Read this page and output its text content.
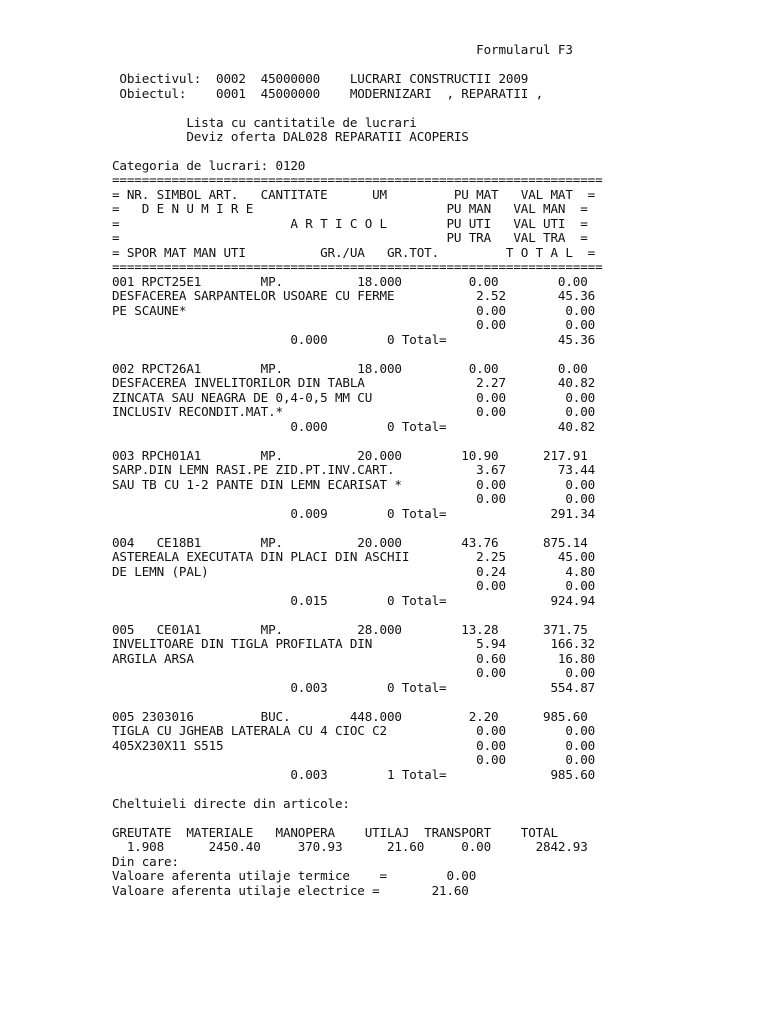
Formularul F3
Obiectivul:  0002  45000000    LUCRARI CONSTRUCTII 2009
Obiectul:    0001  45000000    MODERNIZARI  , REPARATII ,
Lista cu cantitatile de lucrari
Deviz oferta DAL028 REPARATII ACOPERIS
Categoria de lucrari: 0120
==================================================================
= NR. SIMBOL ART.   CANTITATE      UM         PU MAT   VAL MAT  =
=   D E N U M I R E                          PU MAN   VAL MAN  =
=                       A R T I C O L        PU UTI   VAL UTI  =
=                                            PU TRA   VAL TRA  =
= SPOR MAT MAN UTI          GR./UA   GR.TOT.         T O T A L  =
==================================================================
001 RPCT25E1        MP.          18.000         0.00        0.00
DESFACEREA SARPANTELOR USOARE CU FERME           2.52       45.36
PE SCAUNE*                                       0.00        0.00
0.00        0.00
0.000        0 Total=               45.36
002 RPCT26A1        MP.          18.000         0.00        0.00
DESFACEREA INVELITORILOR DIN TABLA               2.27       40.82
ZINCATA SAU NEAGRA DE 0,4-0,5 MM CU              0.00        0.00
INCLUSIV RECONDIT.MAT.*                          0.00        0.00
0.000        0 Total=               40.82
003 RPCH01A1        MP.          20.000        10.90      217.91
SARP.DIN LEMN RASI.PE ZID.PT.INV.CART.           3.67       73.44
SAU TB CU 1-2 PANTE DIN LEMN ECARISAT *          0.00        0.00
0.00        0.00
0.009        0 Total=              291.34
004   CE18B1        MP.          20.000        43.76      875.14
ASTEREALA EXECUTATA DIN PLACI DIN ASCHII         2.25       45.00
DE LEMN (PAL)                                    0.24        4.80
0.00        0.00
0.015        0 Total=              924.94
005   CE01A1        MP.          28.000        13.28      371.75
INVELITOARE DIN TIGLA PROFILATA DIN              5.94      166.32
ARGILA ARSA                                      0.60       16.80
0.00        0.00
0.003        0 Total=              554.87
005 2303016         BUC.        448.000         2.20      985.60
TIGLA CU JGHEAB LATERALA CU 4 CIOC C2            0.00        0.00
405X230X11 S515                                  0.00        0.00
0.00        0.00
0.003        1 Total=              985.60
Cheltuieli directe din articole:
GREUTATE  MATERIALE   MANOPERA    UTILAJ  TRANSPORT    TOTAL
1.908      2450.40     370.93      21.60     0.00      2842.93
Din care:
Valoare aferenta utilaje termice    =        0.00
Valoare aferenta utilaje electrice =       21.60
